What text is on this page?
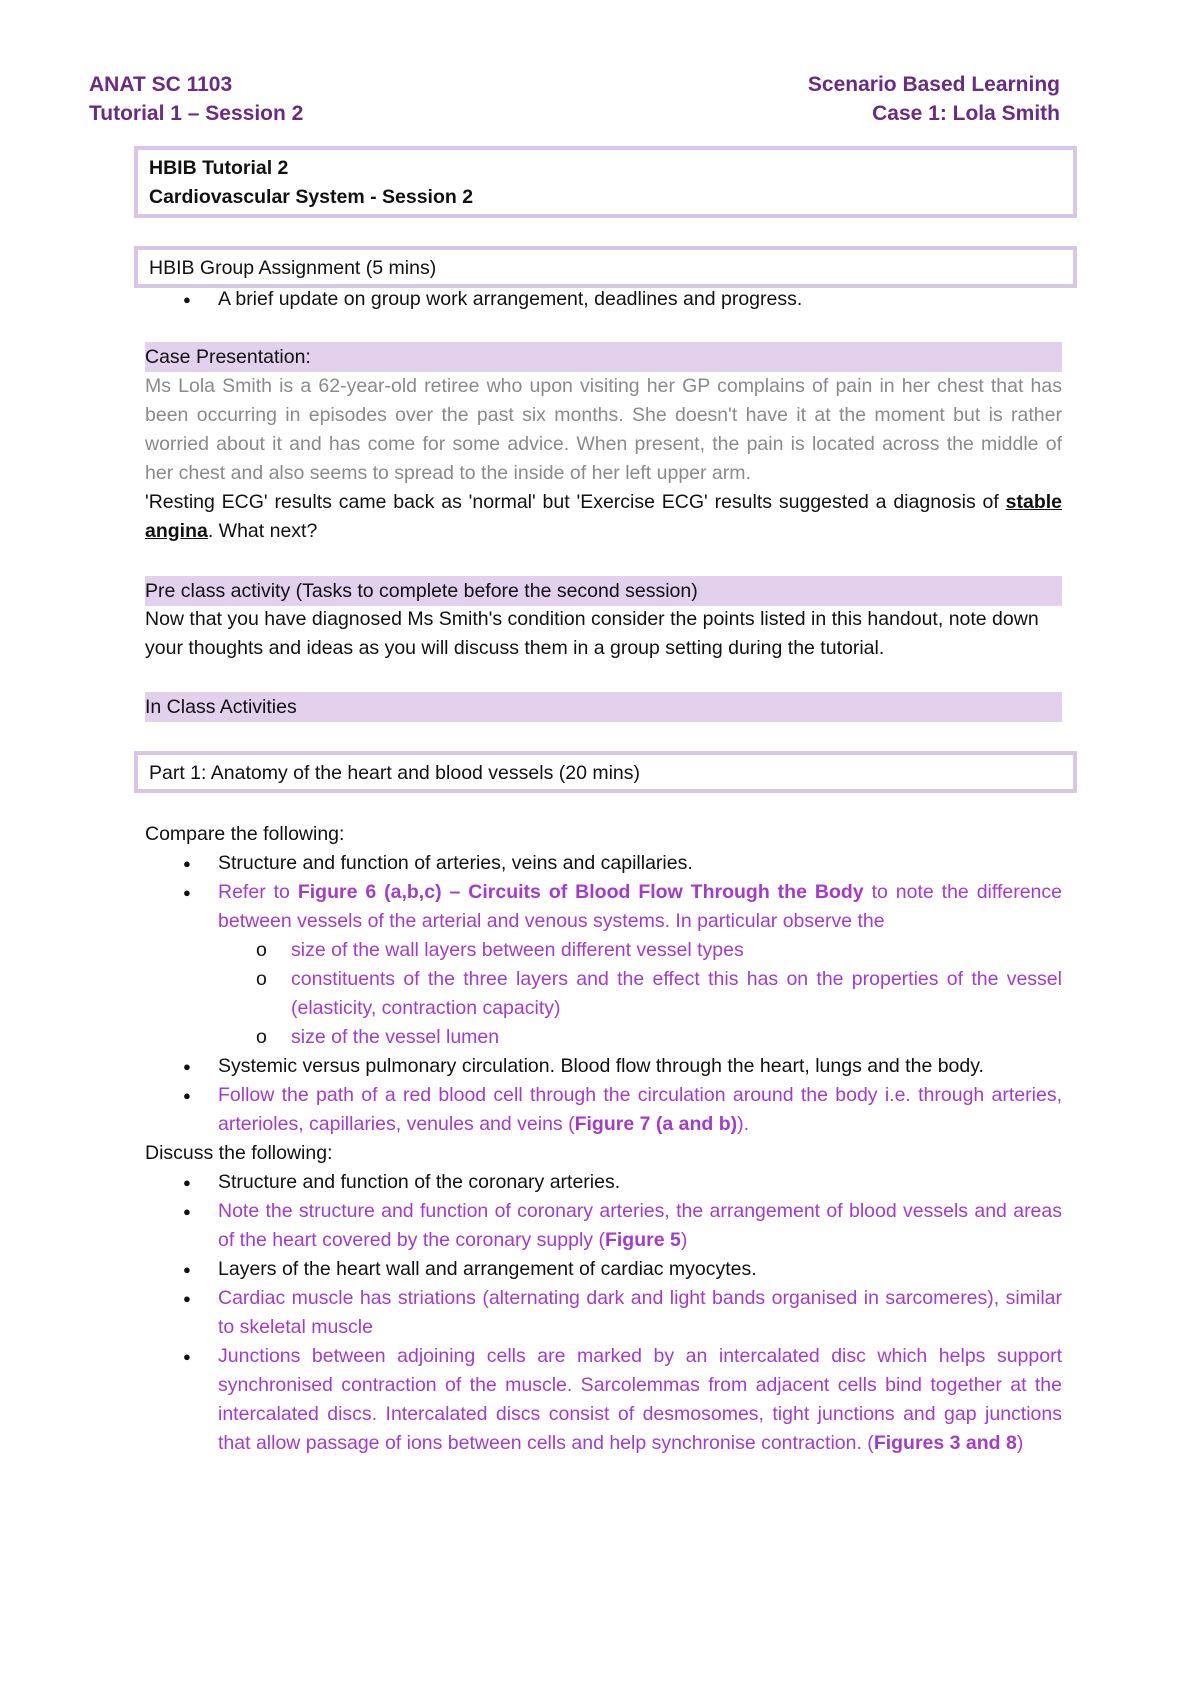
ANAT SC 1103
Tutorial 1 – Session 2
Scenario Based Learning
Case 1: Lola Smith
HBIB Tutorial 2
Cardiovascular System - Session 2
HBIB Group Assignment (5 mins)
● A brief update on group work arrangement, deadlines and progress.
Case Presentation:
Ms Lola Smith is a 62-year-old retiree who upon visiting her GP complains of pain in her chest that has been occurring in episodes over the past six months. She doesn't have it at the moment but is rather worried about it and has come for some advice. When present, the pain is located across the middle of her chest and also seems to spread to the inside of her left upper arm.
'Resting ECG' results came back as 'normal' but 'Exercise ECG' results suggested a diagnosis of stable angina. What next?
Pre class activity (Tasks to complete before the second session)
Now that you have diagnosed Ms Smith's condition consider the points listed in this handout, note down your thoughts and ideas as you will discuss them in a group setting during the tutorial.
In Class Activities
Part 1: Anatomy of the heart and blood vessels (20 mins)
Compare the following:
● Structure and function of arteries, veins and capillaries.
● Refer to Figure 6 (a,b,c) – Circuits of Blood Flow Through the Body to note the difference between vessels of the arterial and venous systems. In particular observe the
o size of the wall layers between different vessel types
o constituents of the three layers and the effect this has on the properties of the vessel (elasticity, contraction capacity)
o size of the vessel lumen
● Systemic versus pulmonary circulation. Blood flow through the heart, lungs and the body.
● Follow the path of a red blood cell through the circulation around the body i.e. through arteries, arterioles, capillaries, venules and veins (Figure 7 (a and b)).
Discuss the following:
● Structure and function of the coronary arteries.
● Note the structure and function of coronary arteries, the arrangement of blood vessels and areas of the heart covered by the coronary supply (Figure 5)
● Layers of the heart wall and arrangement of cardiac myocytes.
● Cardiac muscle has striations (alternating dark and light bands organised in sarcomeres), similar to skeletal muscle
● Junctions between adjoining cells are marked by an intercalated disc which helps support synchronised contraction of the muscle. Sarcolemmas from adjacent cells bind together at the intercalated discs. Intercalated discs consist of desmosomes, tight junctions and gap junctions that allow passage of ions between cells and help synchronise contraction. (Figures 3 and 8)
